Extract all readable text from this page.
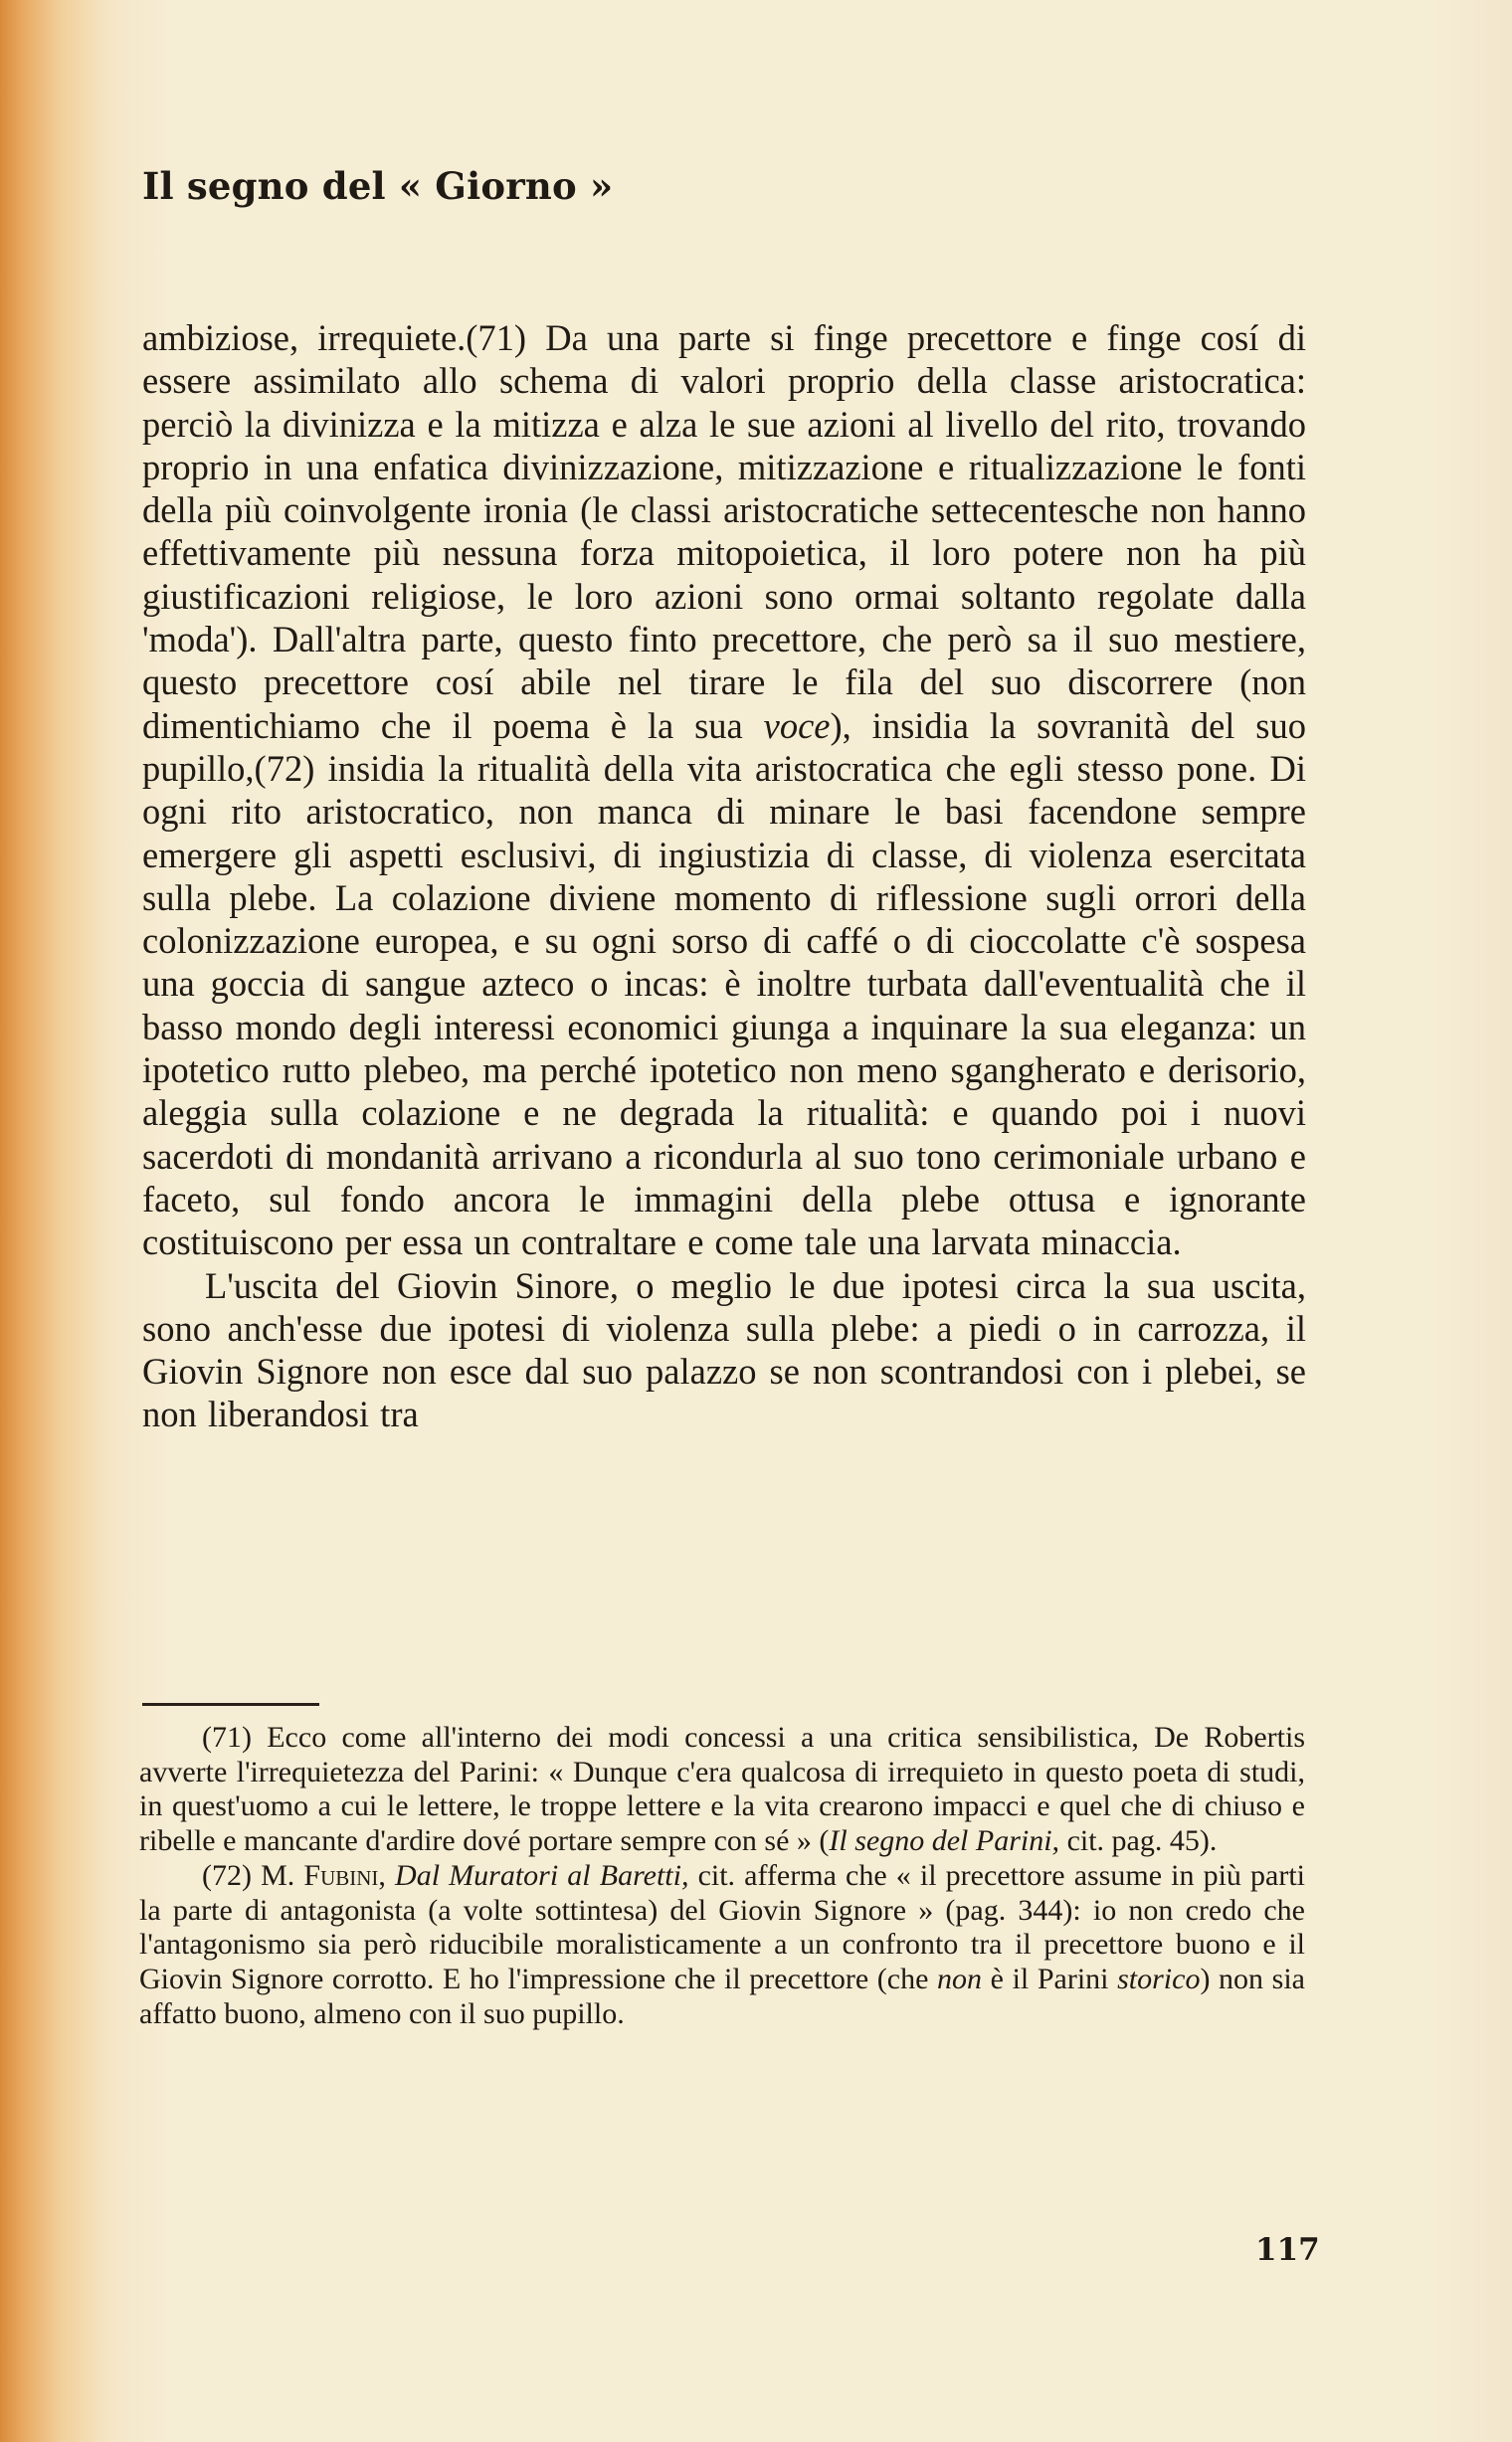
Il segno del « Giorno »

ambiziose, irrequiete.(71) Da una parte si finge precettore e finge cosí di essere assimilato allo schema di valori proprio della classe aristocratica: perciò la divinizza e la mitizza e alza le sue azioni al livello del rito, trovando proprio in una enfatica divinizzazione, mitizzazione e ritualizzazione le fonti della più coinvolgente ironia (le classi aristocratiche settecentesche non hanno effettivamente più nessuna forza mitopoietica, il loro potere non ha più giustificazioni religiose, le loro azioni sono ormai soltanto regolate dalla 'moda'). Dall'altra parte, questo finto precettore, che però sa il suo mestiere, questo precettore cosí abile nel tirare le fila del suo discorrere (non dimentichiamo che il poema è la sua voce), insidia la sovranità del suo pupillo,(72) insidia la ritualità della vita aristocratica che egli stesso pone. Di ogni rito aristocratico, non manca di minare le basi facendone sempre emergere gli aspetti esclusivi, di ingiustizia di classe, di violenza esercitata sulla plebe. La colazione diviene momento di riflessione sugli orrori della colonizzazione europea, e su ogni sorso di caffé o di cioccolatte c'è sospesa una goccia di sangue azteco o incas: è inoltre turbata dall'eventualità che il basso mondo degli interessi economici giunga a inquinare la sua eleganza: un ipotetico rutto plebeo, ma perché ipotetico non meno sgangherato e derisorio, aleggia sulla colazione e ne degrada la ritualità: e quando poi i nuovi sacerdoti di mondanità arrivano a ricondurla al suo tono cerimoniale urbano e faceto, sul fondo ancora le immagini della plebe ottusa e ignorante costituiscono per essa un contraltare e come tale una larvata minaccia.

L'uscita del Giovin Sinore, o meglio le due ipotesi circa la sua uscita, sono anch'esse due ipotesi di violenza sulla plebe: a piedi o in carrozza, il Giovin Signore non esce dal suo palazzo se non scontrandosi con i plebei, se non liberandosi tra

(71) Ecco come all'interno dei modi concessi a una critica sensibilistica, De Robertis avverte l'irrequietezza del Parini: « Dunque c'era qualcosa di irrequieto in questo poeta di studi, in quest'uomo a cui le lettere, le troppe lettere e la vita crearono impacci e quel che di chiuso e ribelle e mancante d'ardire dové portare sempre con sé » (Il segno del Parini, cit. pag. 45).

(72) M. Fubini, Dal Muratori al Baretti, cit. afferma che « il precettore assume in più parti la parte di antagonista (a volte sottintesa) del Giovin Signore » (pag. 344): io non credo che l'antagonismo sia però riducibile moralisticamente a un confronto tra il precettore buono e il Giovin Signore corrotto. E ho l'impressione che il precettore (che non è il Parini storico) non sia affatto buono, almeno con il suo pupillo.

117
